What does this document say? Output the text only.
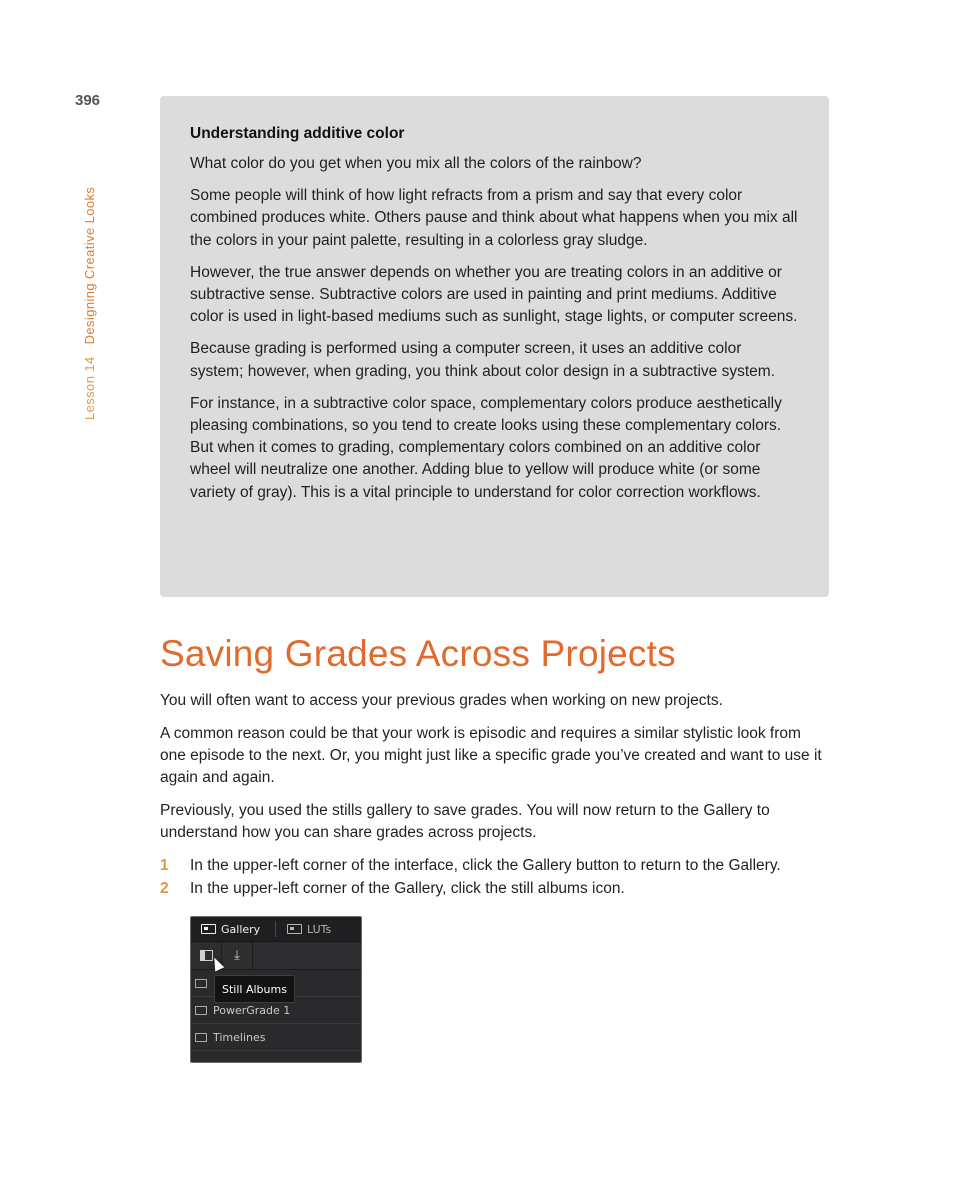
396
Lesson 14Designing Creative Looks
Understanding additive color

What color do you get when you mix all the colors of the rainbow?

Some people will think of how light refracts from a prism and say that every color combined produces white. Others pause and think about what happens when you mix all the colors in your paint palette, resulting in a colorless gray sludge.

However, the true answer depends on whether you are treating colors in an additive or subtractive sense. Subtractive colors are used in painting and print mediums. Additive color is used in light-based mediums such as sunlight, stage lights, or computer screens.

Because grading is performed using a computer screen, it uses an additive color system; however, when grading, you think about color design in a subtractive system.

For instance, in a subtractive color space, complementary colors produce aesthetically pleasing combinations, so you tend to create looks using these complementary colors. But when it comes to grading, complementary colors combined on an additive color wheel will neutralize one another. Adding blue to yellow will produce white (or some variety of gray). This is a vital principle to understand for color correction workflows.

Saving Grades Across Projects

You will often want to access your previous grades when working on new projects.

A common reason could be that your work is episodic and requires a similar stylistic look from one episode to the next. Or, you might just like a specific grade you’ve created and want to use it again and again.

Previously, you used the stills gallery to save grades. You will now return to the Gallery to understand how you can share grades across projects.

1 In the upper-left corner of the interface, click the Gallery button to return to the Gallery.
2 In the upper-left corner of the Gallery, click the still albums icon.
Gallery	LUTs
⤓
PowerGrade 1
Timelines
Still Albums
